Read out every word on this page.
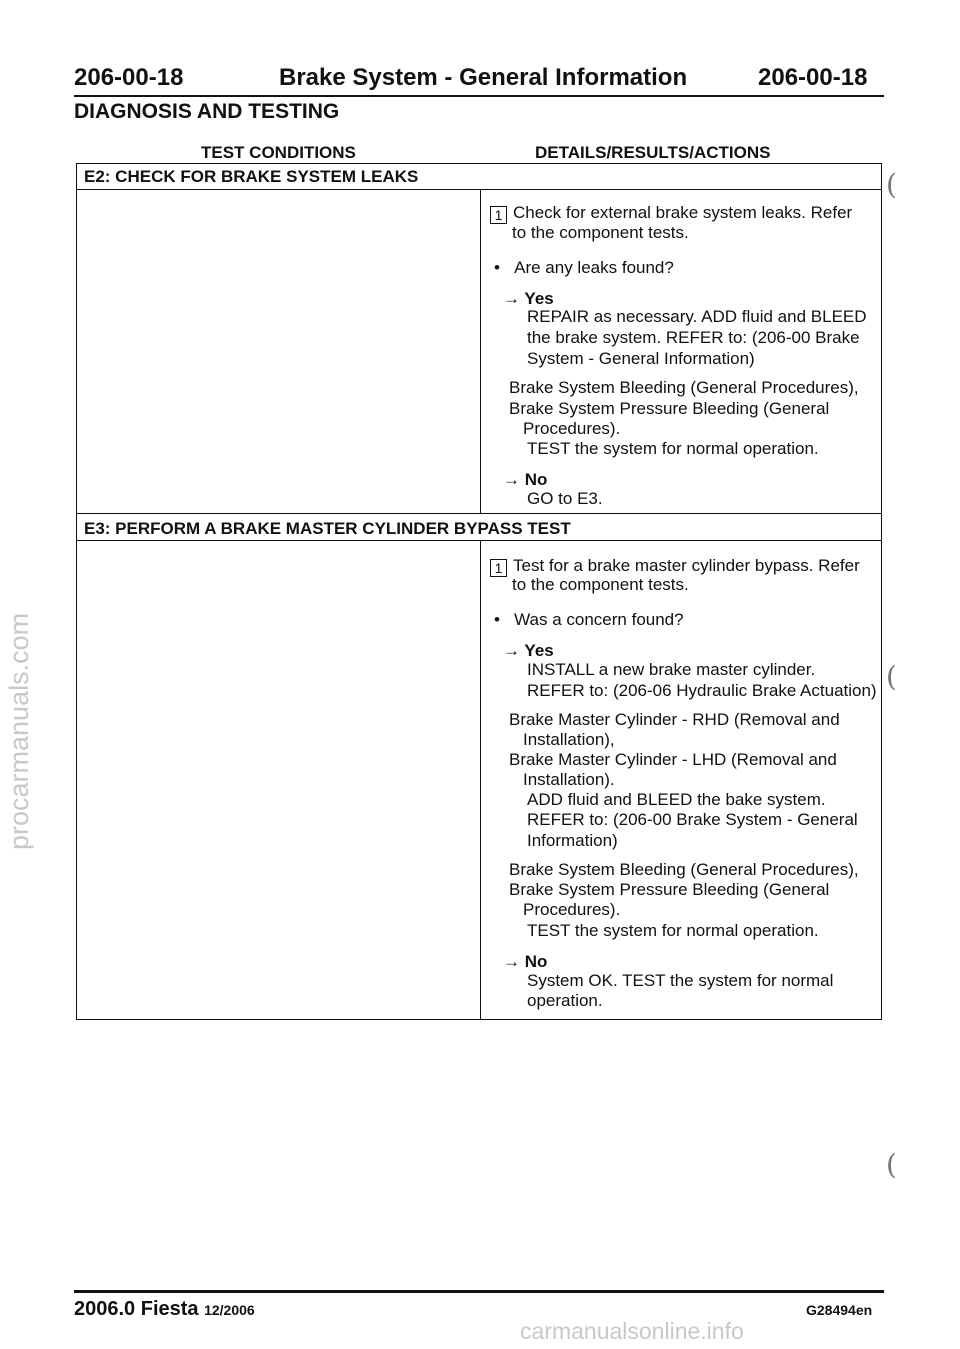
206-00-18	Brake System - General Information	206-00-18
DIAGNOSIS AND TESTING
TEST CONDITIONS	DETAILS/RESULTS/ACTIONS
E2: CHECK FOR BRAKE SYSTEM LEAKS
1 Check for external brake system leaks. Refer
to the component tests.
•   Are any leaks found?
→ Yes
REPAIR as necessary. ADD fluid and BLEED
the brake system. REFER to: (206-00 Brake
System - General Information)
Brake System Bleeding (General Procedures),
Brake System Pressure Bleeding (General
Procedures).
TEST the system for normal operation.
→ No
GO to E3.
E3: PERFORM A BRAKE MASTER CYLINDER BYPASS TEST
1 Test for a brake master cylinder bypass. Refer
to the component tests.
•   Was a concern found?
→ Yes
INSTALL a new brake master cylinder.
REFER to: (206-06 Hydraulic Brake Actuation)
Brake Master Cylinder - RHD (Removal and
Installation),
Brake Master Cylinder - LHD (Removal and
Installation).
ADD fluid and BLEED the bake system.
REFER to: (206-00 Brake System - General
Information)
Brake System Bleeding (General Procedures),
Brake System Pressure Bleeding (General
Procedures).
TEST the system for normal operation.
→ No
System OK. TEST the system for normal
operation.
(
(
(
procarmanuals.com
2006.0 Fiesta 12/2006	G28494en
carmanualsonline.info
